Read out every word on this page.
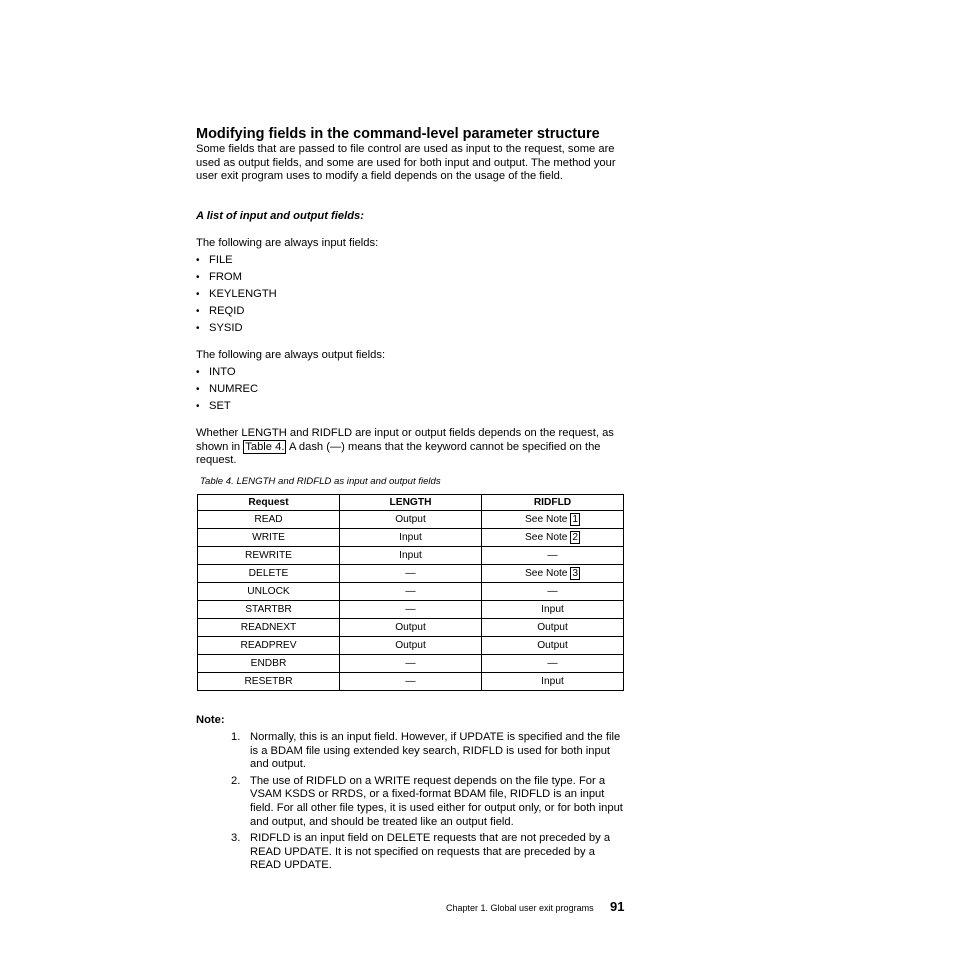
Modifying fields in the command-level parameter structure
Some fields that are passed to file control are used as input to the request, some are used as output fields, and some are used for both input and output. The method your user exit program uses to modify a field depends on the usage of the field.
A list of input and output fields:
The following are always input fields:
• FILE
• FROM
• KEYLENGTH
• REQID
• SYSID
The following are always output fields:
• INTO
• NUMREC
• SET
Whether LENGTH and RIDFLD are input or output fields depends on the request, as shown in Table 4. A dash (—) means that the keyword cannot be specified on the request.
Table 4. LENGTH and RIDFLD as input and output fields
Request	LENGTH	RIDFLD
READ	Output	See Note 1
WRITE	Input	See Note 2
REWRITE	Input	—
DELETE	—	See Note 3
UNLOCK	—	—
STARTBR	—	Input
READNEXT	Output	Output
READPREV	Output	Output
ENDBR	—	—
RESETBR	—	Input
Note:
1. Normally, this is an input field. However, if UPDATE is specified and the file is a BDAM file using extended key search, RIDFLD is used for both input and output.
2. The use of RIDFLD on a WRITE request depends on the file type. For a VSAM KSDS or RRDS, or a fixed-format BDAM file, RIDFLD is an input field. For all other file types, it is used either for output only, or for both input and output, and should be treated like an output field.
3. RIDFLD is an input field on DELETE requests that are not preceded by a READ UPDATE. It is not specified on requests that are preceded by a READ UPDATE.
Chapter 1. Global user exit programs 91
